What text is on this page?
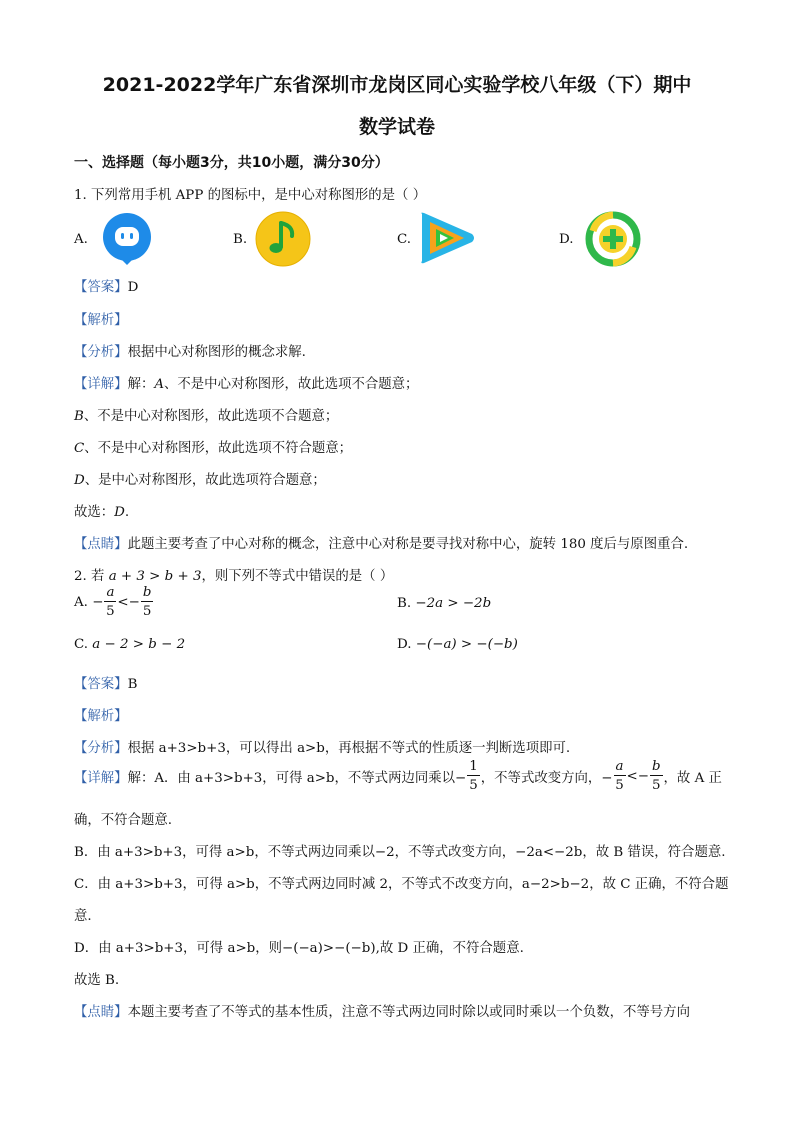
2021-2022学年广东省深圳市龙岗区同心实验学校八年级（下）期中
数学试卷
一、选择题（每小题3分，共10小题，满分30分）
1. 下列常用手机 APP 的图标中，是中心对称图形的是（ ）
A.	B.	C.	D.
【答案】D
【解析】
【分析】根据中心对称图形的概念求解.
【详解】解：A、不是中心对称图形，故此选项不合题意；
B、不是中心对称图形，故此选项不合题意；
C、不是中心对称图形，故此选项不符合题意；
D、是中心对称图形，故此选项符合题意；
故选：D.
【点睛】此题主要考查了中心对称的概念，注意中心对称是要寻找对称中心，旋转 180 度后与原图重合.
2. 若 a + 3 > b + 3，则下列不等式中错误的是（ ）
A. − $\frac{a}{5} <- \frac{b}{5}$	B. −2a > −2b
C. a − 2 > b − 2	D. −(−a) > −(−b)
【答案】B
【解析】
【分析】根据 a+3>b+3，可以得出 a>b，再根据不等式的性质逐一判断选项即可.
【详解】解：A．由 a+3>b+3，可得 a>b，不等式两边同乘以− $\frac{1}{5}$ ，不等式改变方向，− $\frac{a}{5} <- \frac{b}{5}$ ，故 A 正
确，不符合题意.
B．由 a+3>b+3，可得 a>b，不等式两边同乘以−2，不等式改变方向，−2a<−2b，故 B 错误，符合题意.
C．由 a+3>b+3，可得 a>b，不等式两边同时减 2，不等式不改变方向，a−2>b−2，故 C 正确，不符合题
意.
D．由 a+3>b+3，可得 a>b，则−(−a)>−(−b),故 D 正确，不符合题意.
故选 B.
【点睛】本题主要考查了不等式的基本性质，注意不等式两边同时除以或同时乘以一个负数，不等号方向
